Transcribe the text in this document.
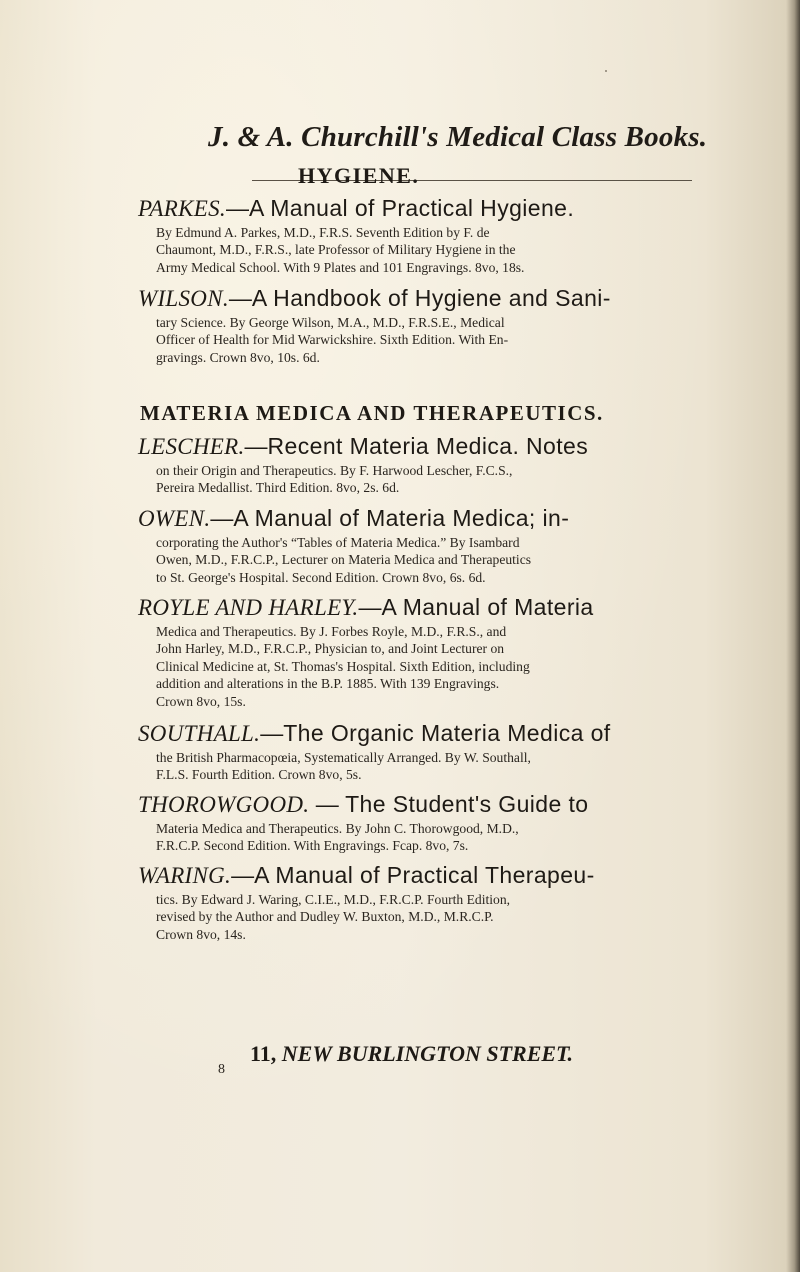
J. & A. Churchill's Medical Class Books.
HYGIENE.
PARKES.—A Manual of Practical Hygiene.
By Edmund A. Parkes, M.D., F.R.S. Seventh Edition by F. de
Chaumont, M.D., F.R.S., late Professor of Military Hygiene in the
Army Medical School. With 9 Plates and 101 Engravings. 8vo, 18s.
WILSON.—A Handbook of Hygiene and Sani-
tary Science. By George Wilson, M.A., M.D., F.R.S.E., Medical
Officer of Health for Mid Warwickshire. Sixth Edition. With En-
gravings. Crown 8vo, 10s. 6d.
MATERIA MEDICA AND THERAPEUTICS.
LESCHER.—Recent Materia Medica. Notes
on their Origin and Therapeutics. By F. Harwood Lescher, F.C.S.,
Pereira Medallist. Third Edition. 8vo, 2s. 6d.
OWEN.—A Manual of Materia Medica; in-
corporating the Author's “Tables of Materia Medica.” By Isambard
Owen, M.D., F.R.C.P., Lecturer on Materia Medica and Therapeutics
to St. George's Hospital. Second Edition. Crown 8vo, 6s. 6d.
ROYLE AND HARLEY.—A Manual of Materia
Medica and Therapeutics. By J. Forbes Royle, M.D., F.R.S., and
John Harley, M.D., F.R.C.P., Physician to, and Joint Lecturer on
Clinical Medicine at, St. Thomas's Hospital. Sixth Edition, including
addition and alterations in the B.P. 1885. With 139 Engravings.
Crown 8vo, 15s.
SOUTHALL.—The Organic Materia Medica of
the British Pharmacopœia, Systematically Arranged. By W. Southall,
F.L.S. Fourth Edition. Crown 8vo, 5s.
THOROWGOOD. — The Student's Guide to
Materia Medica and Therapeutics. By John C. Thorowgood, M.D.,
F.R.C.P. Second Edition. With Engravings. Fcap. 8vo, 7s.
WARING.—A Manual of Practical Therapeu-
tics. By Edward J. Waring, C.I.E., M.D., F.R.C.P. Fourth Edition,
revised by the Author and Dudley W. Buxton, M.D., M.R.C.P.
Crown 8vo, 14s.
11, NEW BURLINGTON STREET.
8
